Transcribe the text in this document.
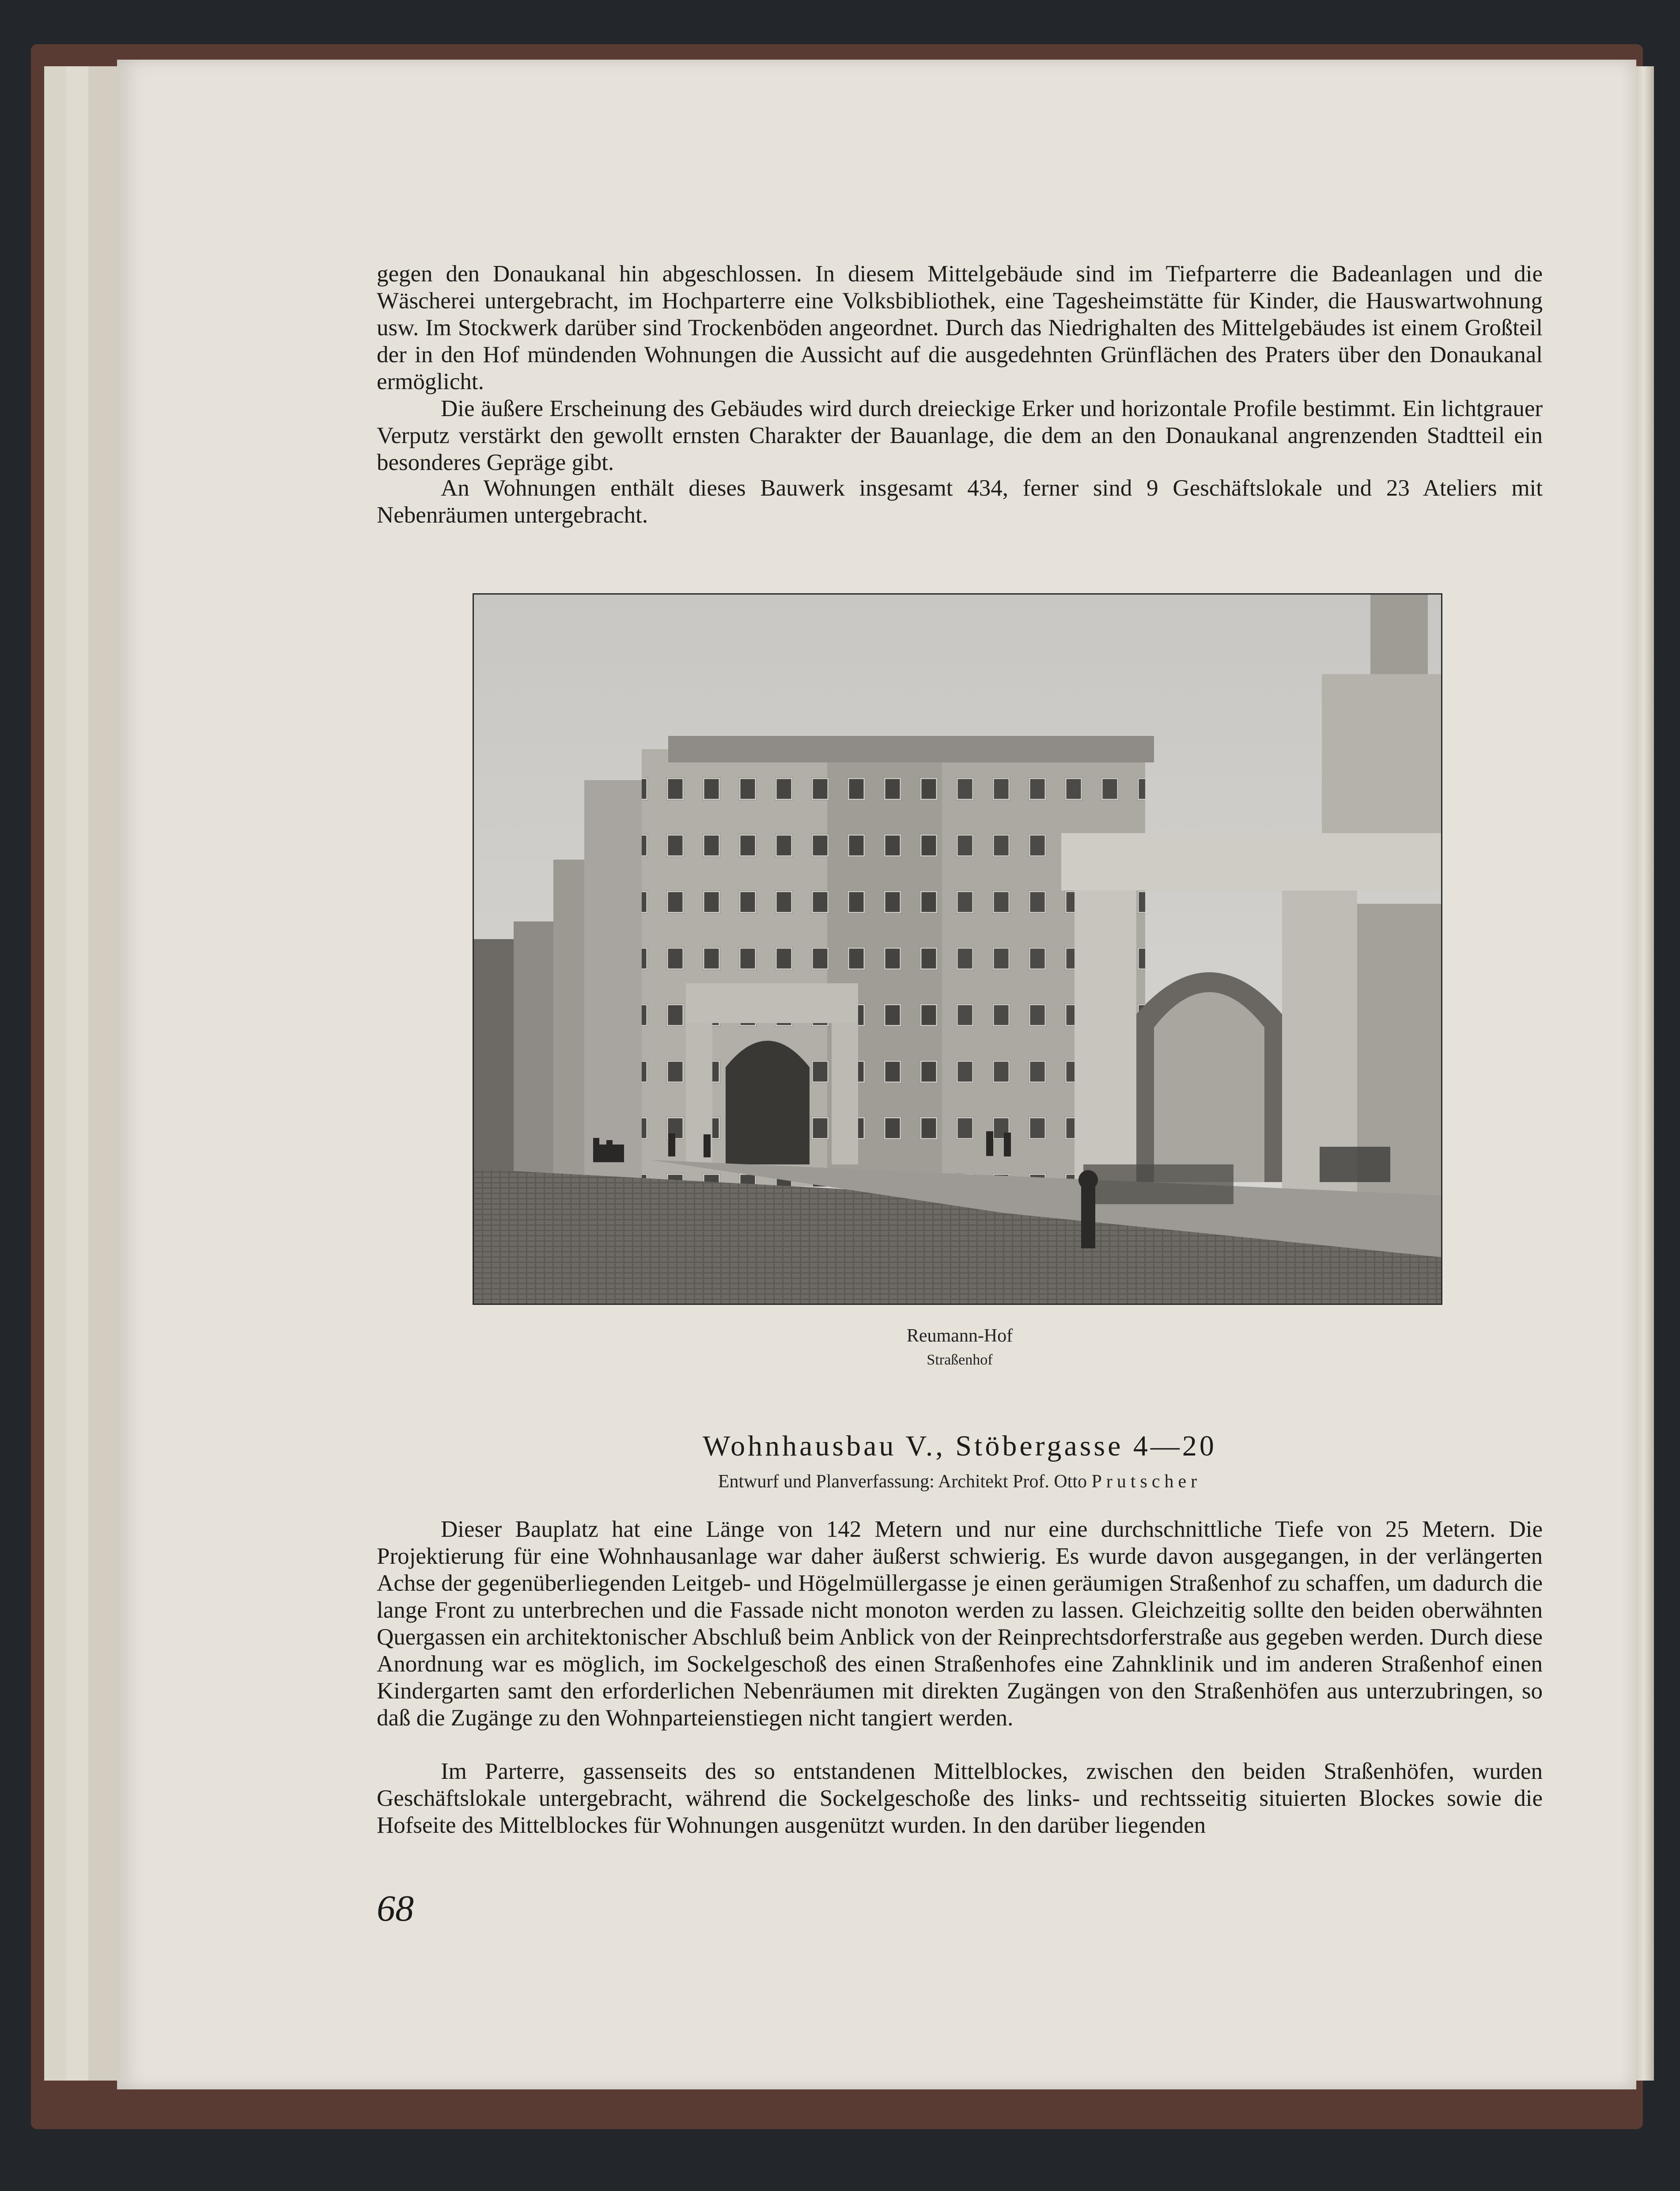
gegen den Donaukanal hin abgeschlossen. In diesem Mittelgebäude sind im Tiefparterre die Badeanlagen und die Wäscherei untergebracht, im Hochparterre eine Volksbibliothek, eine Tagesheimstätte für Kinder, die Hauswartwohnung usw. Im Stockwerk darüber sind Trockenböden angeordnet. Durch das Niedrighalten des Mittelgebäudes ist einem Großteil der in den Hof mündenden Wohnungen die Aussicht auf die ausgedehnten Grünflächen des Praters über den Donaukanal ermöglicht.

Die äußere Erscheinung des Gebäudes wird durch dreieckige Erker und horizontale Profile bestimmt. Ein lichtgrauer Verputz verstärkt den gewollt ernsten Charakter der Bauanlage, die dem an den Donaukanal angrenzenden Stadtteil ein besonderes Gepräge gibt.

An Wohnungen enthält dieses Bauwerk insgesamt 434, ferner sind 9 Geschäftslokale und 23 Ateliers mit Nebenräumen untergebracht.

Reumann-Hof

Straßenhof

Wohnhausbau V., Stöbergasse 4—20

Entwurf und Planverfassung: Architekt Prof. Otto Prutscher

Dieser Bauplatz hat eine Länge von 142 Metern und nur eine durchschnittliche Tiefe von 25 Metern. Die Projektierung für eine Wohnhausanlage war daher äußerst schwierig. Es wurde davon ausgegangen, in der verlängerten Achse der gegenüberliegenden Leitgeb- und Högelmüllergasse je einen geräumigen Straßenhof zu schaffen, um dadurch die lange Front zu unterbrechen und die Fassade nicht monoton werden zu lassen. Gleichzeitig sollte den beiden oberwähnten Quergassen ein architektonischer Abschluß beim Anblick von der Reinprechtsdorferstraße aus gegeben werden. Durch diese Anordnung war es möglich, im Sockelgeschoß des einen Straßenhofes eine Zahnklinik und im anderen Straßenhof einen Kindergarten samt den erforderlichen Nebenräumen mit direkten Zugängen von den Straßenhöfen aus unterzubringen, so daß die Zugänge zu den Wohnparteienstiegen nicht tangiert werden.

Im Parterre, gassenseits des so entstandenen Mittelblockes, zwischen den beiden Straßenhöfen, wurden Geschäftslokale untergebracht, während die Sockelgeschoße des links- und rechtsseitig situierten Blockes sowie die Hofseite des Mittelblockes für Wohnungen ausgenützt wurden. In den darüber liegenden

68
